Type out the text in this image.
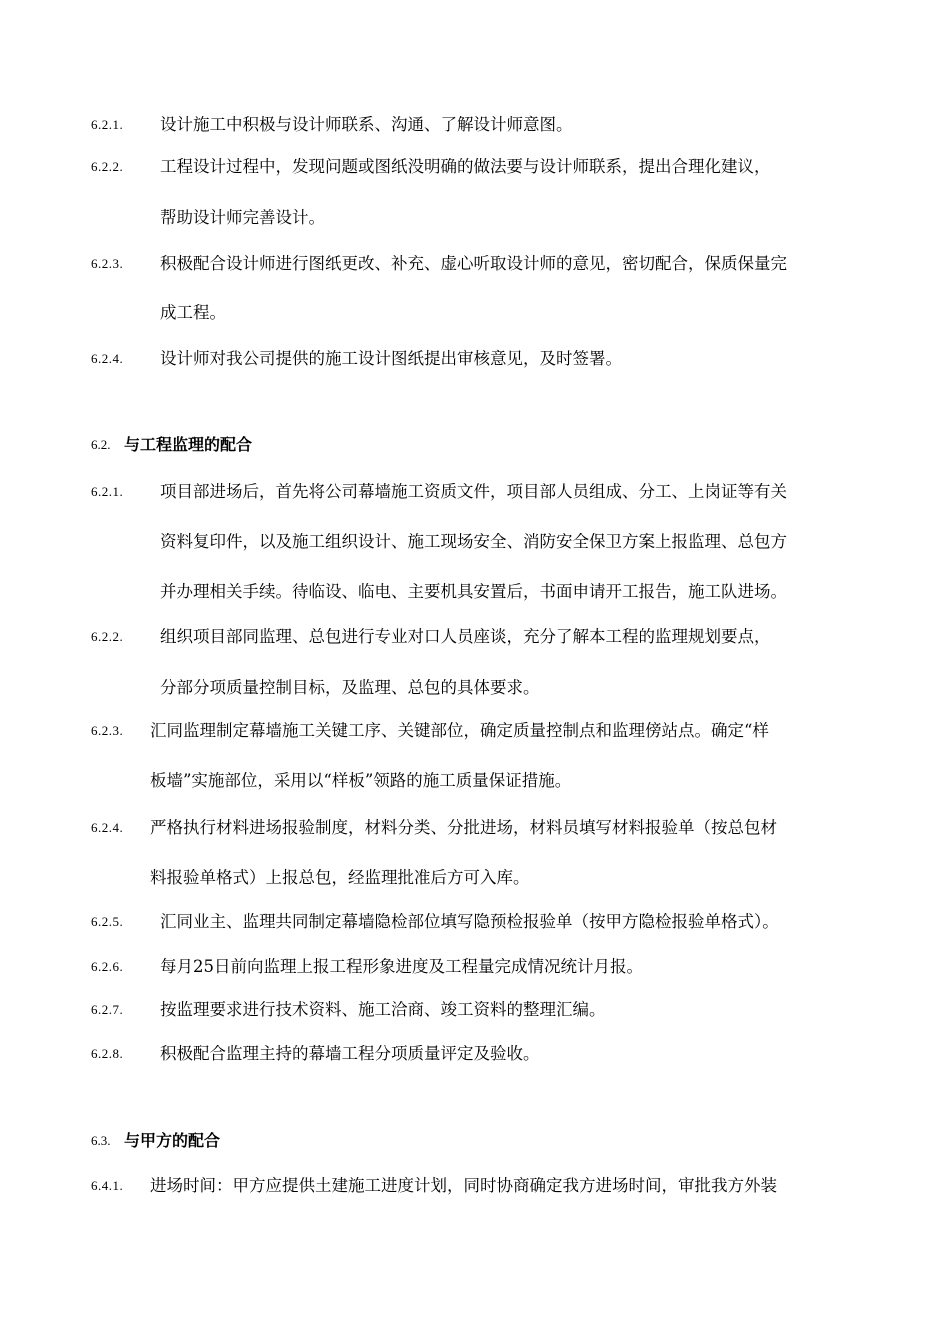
6.2.1. 设计施工中积极与设计师联系、沟通、了解设计师意图。
6.2.2. 工程设计过程中，发现问题或图纸没明确的做法要与设计师联系，提出合理化建议，
帮助设计师完善设计。
6.2.3. 积极配合设计师进行图纸更改、补充、虚心听取设计师的意见，密切配合，保质保量完
成工程。
6.2.4. 设计师对我公司提供的施工设计图纸提出审核意见，及时签署。
6.2. 与工程监理的配合
6.2.1. 项目部进场后，首先将公司幕墙施工资质文件，项目部人员组成、分工、上岗证等有关
资料复印件，以及施工组织设计、施工现场安全、消防安全保卫方案上报监理、总包方
并办理相关手续。待临设、临电、主要机具安置后，书面申请开工报告，施工队进场。
6.2.2. 组织项目部同监理、总包进行专业对口人员座谈，充分了解本工程的监理规划要点，
分部分项质量控制目标，及监理、总包的具体要求。
6.2.3. 汇同监理制定幕墙施工关键工序、关键部位，确定质量控制点和监理傍站点。确定“样
板墙”实施部位，采用以“样板”领路的施工质量保证措施。
6.2.4. 严格执行材料进场报验制度，材料分类、分批进场，材料员填写材料报验单（按总包材
料报验单格式）上报总包，经监理批准后方可入库。
6.2.5. 汇同业主、监理共同制定幕墙隐检部位填写隐预检报验单（按甲方隐检报验单格式）。
6.2.6. 每月25日前向监理上报工程形象进度及工程量完成情况统计月报。
6.2.7. 按监理要求进行技术资料、施工洽商、竣工资料的整理汇编。
6.2.8. 积极配合监理主持的幕墙工程分项质量评定及验收。
6.3. 与甲方的配合
6.4.1. 进场时间：甲方应提供土建施工进度计划，同时协商确定我方进场时间，审批我方外装
